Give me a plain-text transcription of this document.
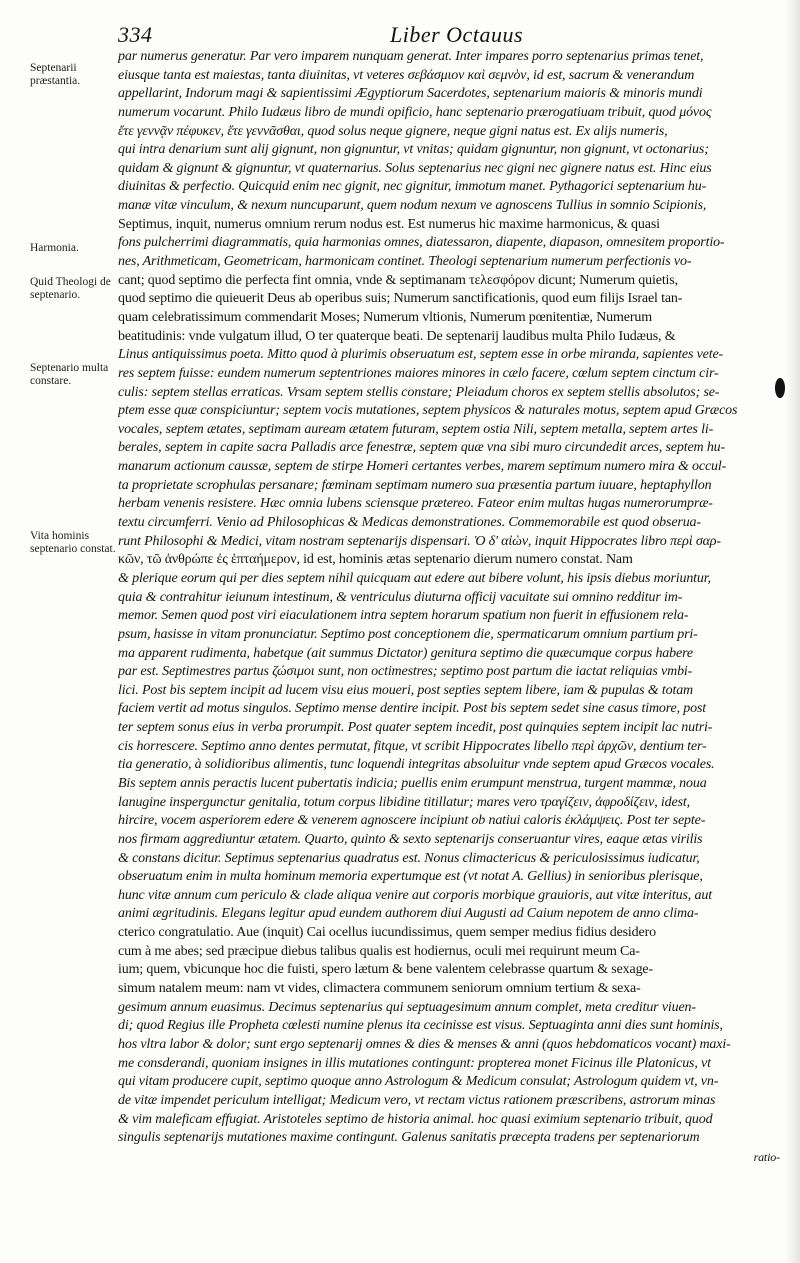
334	Liber Octauus
Septenarii præstantia.
Harmonia.
Quid Theologi de septenario.
Septenario multa constare.
Vita hominis septenario constat.
par numerus generatur. Par vero imparem nunquam generat. Inter impares porro septenarius primas tenet,
eiusque tanta est maiestas, tanta diuinitas, vt veteres σεβάσμιον καὶ σεμνὸν, id est, sacrum & venerandum
appellarint, Indorum magi & sapientissimi Ægyptiorum Sacerdotes, septenarium maioris & minoris mundi
numerum vocarunt. Philo Iudæus libro de mundi opificio, hanc septenario prærogatiuam tribuit, quod μόνος
ἔτε γεννᾷν πέφυκεν, ἔτε γεννᾶσθαι, quod solus neque gignere, neque gigni natus est. Ex alijs numeris,
qui intra denarium sunt alij gignunt, non gignuntur, vt vnitas; quidam gignuntur, non gignunt, vt octonarius;
quidam & gignunt & gignuntur, vt quaternarius. Solus septenarius nec gigni nec gignere natus est. Hinc eius
diuinitas & perfectio. Quicquid enim nec gignit, nec gignitur, immotum manet. Pythagorici septenarium hu-
manæ vitæ vinculum, & nexum nuncuparunt, quem nodum nexum ve agnoscens Tullius in somnio Scipionis,
Septimus, inquit, numerus omnium rerum nodus est. Est numerus hic maxime harmonicus, & quasi
fons pulcherrimi diagrammatis, quia harmonias omnes, diatessaron, diapente, diapason, omnesitem proportio-
nes, Arithmeticam, Geometricam, harmonicam continet. Theologi septenarium numerum perfectionis vo-
cant; quod septimo die perfecta fint omnia, vnde & septimanam τελεσφόρον dicunt; Numerum quietis,
quod septimo die quieuerit Deus ab operibus suis; Numerum sanctificationis, quod eum filijs Israel tan-
quam celebratissimum commendarit Moses; Numerum vltionis, Numerum pœnitentiæ, Numerum
beatitudinis: vnde vulgatum illud, O ter quaterque beati. De septenarij laudibus multa Philo Iudæus, &
Linus antiquissimus poeta. Mitto quod à plurimis obseruatum est, septem esse in orbe miranda, sapientes vete-
res septem fuisse: eundem numerum septentriones maiores minores in cælo facere, cœlum septem cinctum cir-
culis: septem stellas erraticas. Vrsam septem stellis constare; Pleiadum choros ex septem stellis absolutos; se-
ptem esse quæ conspiciuntur; septem vocis mutationes, septem physicos & naturales motus, septem apud Græcos
vocales, septem ætates, septimam auream ætatem futuram, septem ostia Nili, septem metalla, septem artes li-
berales, septem in capite sacra Palladis arce fenestræ, septem quæ vna sibi muro circundedit arces, septem hu-
manarum actionum caussæ, septem de stirpe Homeri certantes verbes, marem septimum numero mira & occul-
ta proprietate scrophulas persanare; fœminam septimam numero sua præsentia partum iuuare, heptaphyllon
herbam venenis resistere. Hæc omnia lubens sciensque prætereo. Fateor enim multas hugas numerorumpræ-
textu circumferri. Venio ad Philosophicas & Medicas demonstrationes. Commemorabile est quod obserua-
runt Philosophi & Medici, vitam nostram septenarijs dispensari. Ὁ δ' αἰὼν, inquit Hippocrates libro περὶ σαρ-
κῶν, τῶ ἀνθρώπε ἐς ἑπταήμερον, id est, hominis ætas septenario dierum numero constat. Nam
& plerique eorum qui per dies septem nihil quicquam aut edere aut bibere volunt, his ipsis diebus moriuntur,
quia & contrahitur ieiunum intestinum, & ventriculus diuturna officij vacuitate sui omnino redditur im-
memor. Semen quod post viri eiaculationem intra septem horarum spatium non fuerit in effusionem rela-
psum, hasisse in vitam pronunciatur. Septimo post conceptionem die, spermaticarum omnium partium pri-
ma apparent rudimenta, habetque (ait summus Dictator) genitura septimo die quæcumque corpus habere
par est. Septimestres partus ζώσιμοι sunt, non octimestres; septimo post partum die iactat reliquias vmbi-
lici. Post bis septem incipit ad lucem visu eius moueri, post septies septem libere, iam & pupulas & totam
faciem vertit ad motus singulos. Septimo mense dentire incipit. Post bis septem sedet sine casus timore, post
ter septem sonus eius in verba prorumpit. Post quater septem incedit, post quinquies septem incipit lac nutri-
cis horrescere. Septimo anno dentes permutat, fitque, vt scribit Hippocrates libello περὶ ἀρχῶν, dentium ter-
tia generatio, à solidioribus alimentis, tunc loquendi integritas absoluitur vnde septem apud Græcos vocales.
Bis septem annis peractis lucent pubertatis indicia; puellis enim erumpunt menstrua, turgent mammæ, noua
lanugine inspergunctur genitalia, totum corpus libidine titillatur; mares vero τραγίζειν, ἀφροδίζειν, idest,
hircire, vocem asperiorem edere & venerem agnoscere incipiunt ob natiui caloris ἐκλάμψεις. Post ter septe-
nos firmam aggrediuntur ætatem. Quarto, quinto & sexto septenarijs conseruantur vires, eaque ætas virilis
& constans dicitur. Septimus septenarius quadratus est. Nonus climactericus & periculosissimus iudicatur,
obseruatum enim in multa hominum memoria expertumque est (vt notat A. Gellius) in senioribus plerisque,
hunc vitæ annum cum periculo & clade aliqua venire aut corporis morbique grauioris, aut vitæ interitus, aut
animi ægritudinis. Elegans legitur apud eundem authorem diui Augusti ad Caium nepotem de anno clima-
cterico congratulatio. Aue (inquit) Cai ocellus iucundissimus, quem semper medius fidius desidero
cum à me abes; sed præcipue diebus talibus qualis est hodiernus, oculi mei requirunt meum Ca-
ium; quem, vbicunque hoc die fuisti, spero lætum & bene valentem celebrasse quartum & sexage-
simum natalem meum: nam vt vides, climactera communem seniorum omnium tertium & sexa-
gesimum annum euasimus. Decimus septenarius qui septuagesimum annum complet, meta creditur viuen-
di; quod Regius ille Propheta cœlesti numine plenus ita cecinisse est visus. Septuaginta anni dies sunt hominis,
hos vltra labor & dolor; sunt ergo septenarij omnes & dies & menses & anni (quos hebdomaticos vocant) maxi-
me consderandi, quoniam insignes in illis mutationes contingunt: propterea monet Ficinus ille Platonicus, vt
qui vitam producere cupit, septimo quoque anno Astrologum & Medicum consulat; Astrologum quidem vt, vn-
de vitæ impendet periculum intelligat; Medicum vero, vt rectam victus rationem præscribens, astrorum minas
& vim maleficam effugiat. Aristoteles septimo de historia animal. hoc quasi eximium septenario tribuit, quod
singulis septenarijs mutationes maxime contingunt. Galenus sanitatis præcepta tradens per septenariorum
ratio-
